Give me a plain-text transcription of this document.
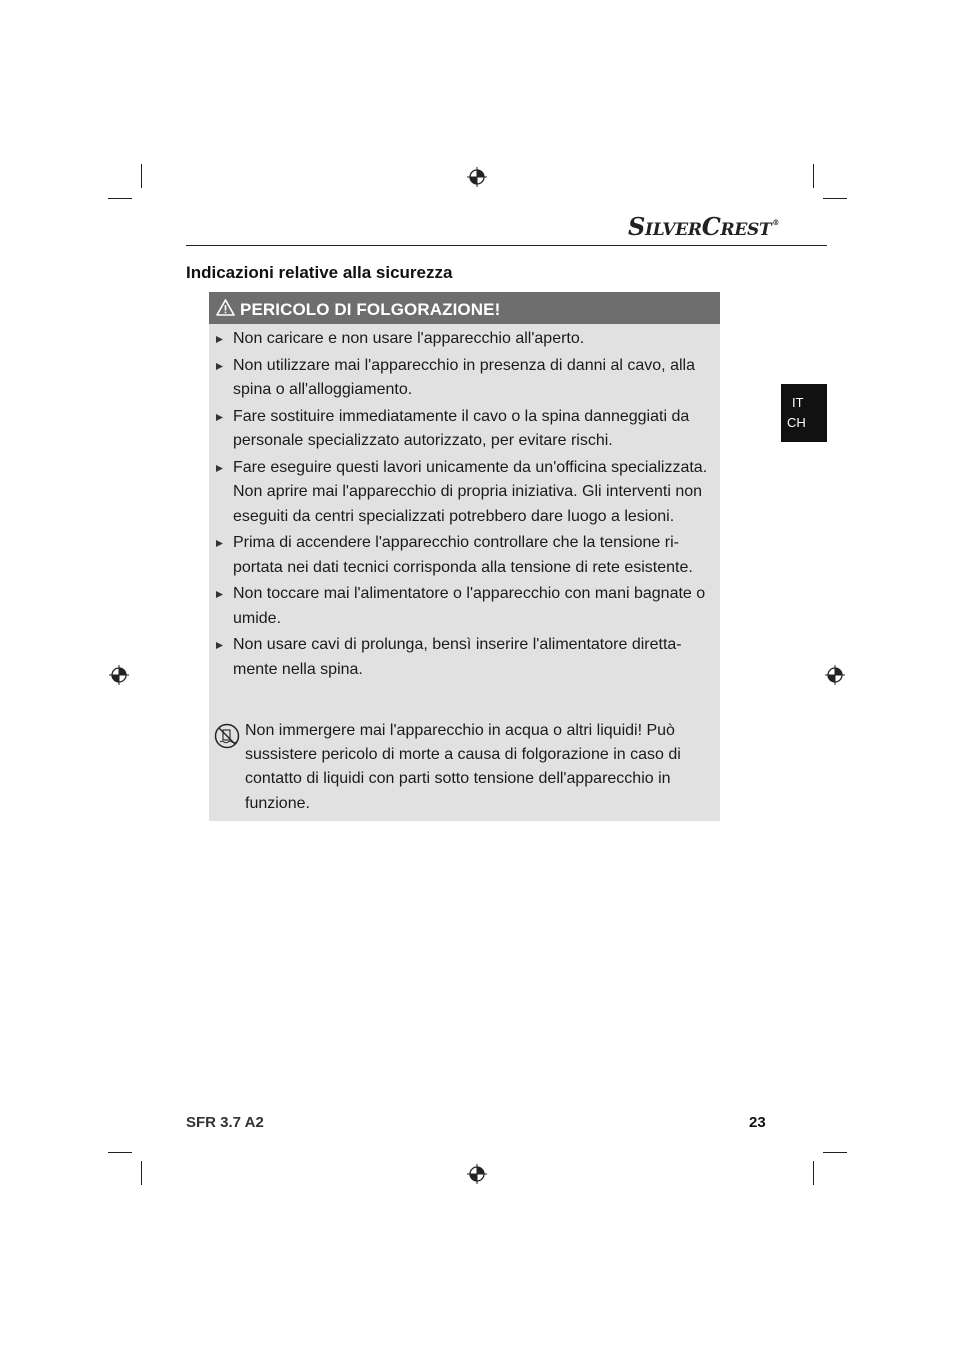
SILVERCREST®
Indicazioni relative alla sicurezza
PERICOLO DI FOLGORAZIONE!
Non caricare e non usare l'apparecchio all'aperto.
Non utilizzare mai l'apparecchio in presenza di danni al cavo, alla spina o all'alloggiamento.
Fare sostituire immediatamente il cavo o la spina danneggiati da personale specializzato autorizzato, per evitare rischi.
Fare eseguire questi lavori unicamente da un'officina specializzata. Non aprire mai l'apparecchio di propria iniziativa. Gli interventi non eseguiti da centri specializzati potrebbero dare luogo a lesioni.
Prima di accendere l'apparecchio controllare che la tensione ri-portata nei dati tecnici corrisponda alla tensione di rete esistente.
Non toccare mai l'alimentatore o l'apparecchio con mani bagnate o umide.
Non usare cavi di prolunga, bensì inserire l'alimentatore diretta-mente nella spina.
Non immergere mai l'apparecchio in acqua o altri liquidi! Può sussistere pericolo di morte a causa di folgorazione in caso di contatto di liquidi con parti sotto tensione dell'apparecchio in funzione.
IT
CH
SFR 3.7 A2	23
